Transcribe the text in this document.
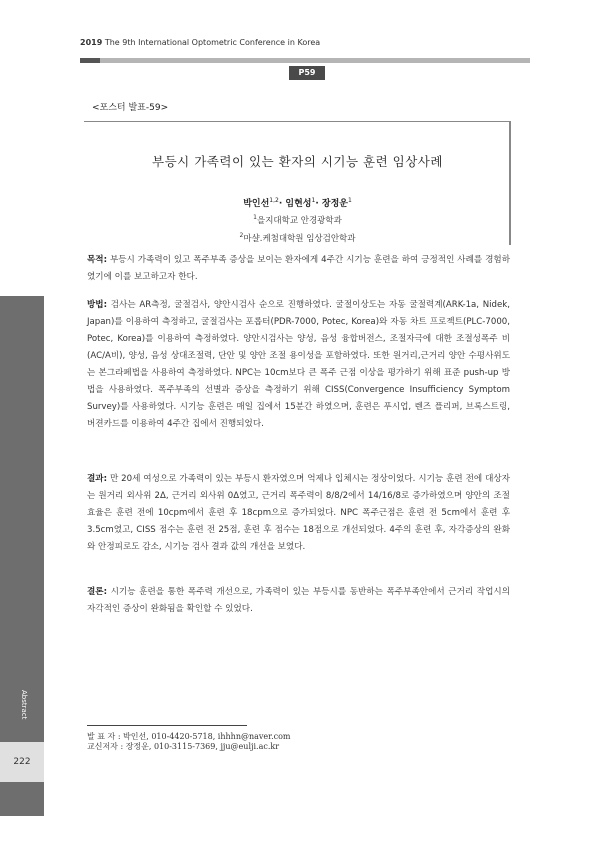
2019 The 9th International Optometric Conference in Korea
P59
<포스터 발표-59>
부등시 가족력이 있는 환자의 시기능 훈련 임상사례
박인선$^{1,2}$· 임현성$^1$· 장정운$^1$
$^1$을지대학교 안경광학과
$^2$마샬.케첨대학원 임상검안학과
목적: 부등시 가족력이 있고 폭주부족 증상을 보이는 환자에게 4주간 시기능 훈련을 하여 긍정적인 사례를 경험하였기에 이를 보고하고자 한다.
방법: 검사는 AR측정, 굴절검사, 양안시검사 순으로 진행하였다. 굴절이상도는 자동 굴절력계(ARK-1a, Nidek, Japan)를 이용하여 측정하고, 굴절검사는 포롭터(PDR-7000, Potec, Korea)와 자동 차트 프로젝트(PLC-7000, Potec, Korea)를 이용하여 측정하였다. 양안시검사는 양성, 음성 융합버전스, 조절자극에 대한 조절성폭주 비(AC/A비), 양성, 음성 상대조절력, 단안 및 양안 조절 용이성을 포함하였다. 또한 원거리,근거리 양안 수평사위도는 본그라페법을 사용하여 측정하였다. NPC는 10cm보다 큰 폭주 근점 이상을 평가하기 위해 표준 push-up 방법을 사용하였다. 폭주부족의 선별과 증상을 측정하기 위해 CISS(Convergence Insufficiency Symptom Survey)를 사용하였다. 시기능 훈련은 매일 집에서 15분간 하였으며, 훈련은 푸시업, 렌즈 플리퍼, 브록스트링, 버젼카드를 이용하여 4주간 집에서 진행되었다.
결과: 만 20세 여성으로 가족력이 있는 부등시 환자였으며 억제나 입체시는 정상이었다. 시기능 훈련 전에 대상자는 원거리 외사위 2Δ, 근거리 외사위 0Δ였고, 근거리 폭주력이 8/8/2에서 14/16/8로 증가하였으며 양안의 조절 효율은 훈련 전에 10cpm에서 훈련 후 18cpm으로 증가되었다. NPC 폭주근점은 훈련 전 5cm에서 훈련 후 3.5cm였고, CISS 점수는 훈련 전 25점, 훈련 후 점수는 18점으로 개선되었다. 4주의 훈련 후, 자각증상의 완화와 안정피로도 감소, 시기능 검사 결과 값의 개선을 보였다.
결론: 시기능 훈련을 통한 폭주력 개선으로, 가족력이 있는 부등시를 동반하는 폭주부족안에서 근거리 작업시의 자각적인 증상이 완화됨을 확인할 수 있었다.
Abstract
222
발 표 자 : 박인선, 010-4420-5718, ihhhn@naver.com
교신저자 : 장정운, 010-3115-7369, jju@eulji.ac.kr
